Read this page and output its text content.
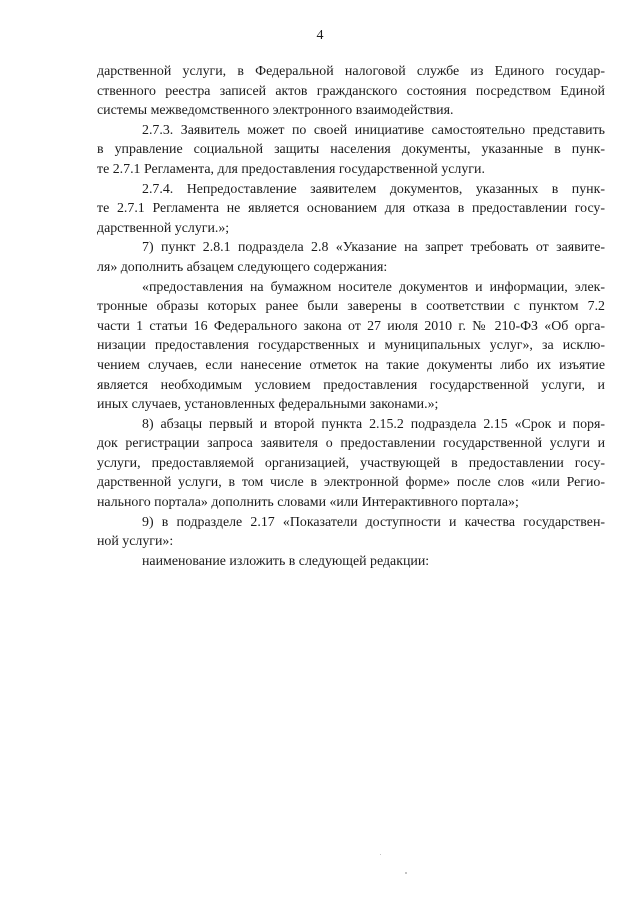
4
дарственной услуги, в Федеральной налоговой службе из Единого государ-
ственного реестра записей актов гражданского состояния посредством Единой
системы межведомственного электронного взаимодействия.
2.7.3. Заявитель может по своей инициативе самостоятельно представить
в управление социальной защиты населения документы, указанные в пунк-
те 2.7.1 Регламента, для предоставления государственной услуги.
2.7.4. Непредоставление заявителем документов, указанных в пунк-
те 2.7.1 Регламента не является основанием для отказа в предоставлении госу-
дарственной услуги.»;
7) пункт 2.8.1 подраздела 2.8 «Указание на запрет требовать от заявите-
ля» дополнить абзацем следующего содержания:
«предоставления на бумажном носителе документов и информации, элек-
тронные образы которых ранее были заверены в соответствии с пунктом 7.2
части 1 статьи 16 Федерального закона от 27 июля 2010 г. № 210-ФЗ «Об орга-
низации предоставления государственных и муниципальных услуг», за исклю-
чением случаев, если нанесение отметок на такие документы либо их изъятие
является необходимым условием предоставления государственной услуги, и
иных случаев, установленных федеральными законами.»;
8) абзацы первый и второй пункта 2.15.2 подраздела 2.15 «Срок и поря-
док регистрации запроса заявителя о предоставлении государственной услуги и
услуги, предоставляемой организацией, участвующей в предоставлении госу-
дарственной услуги, в том числе в электронной форме» после слов «или Регио-
нального портала» дополнить словами «или Интерактивного портала»;
9) в подразделе 2.17 «Показатели доступности и качества государствен-
ной услуги»:
наименование изложить в следующей редакции:
